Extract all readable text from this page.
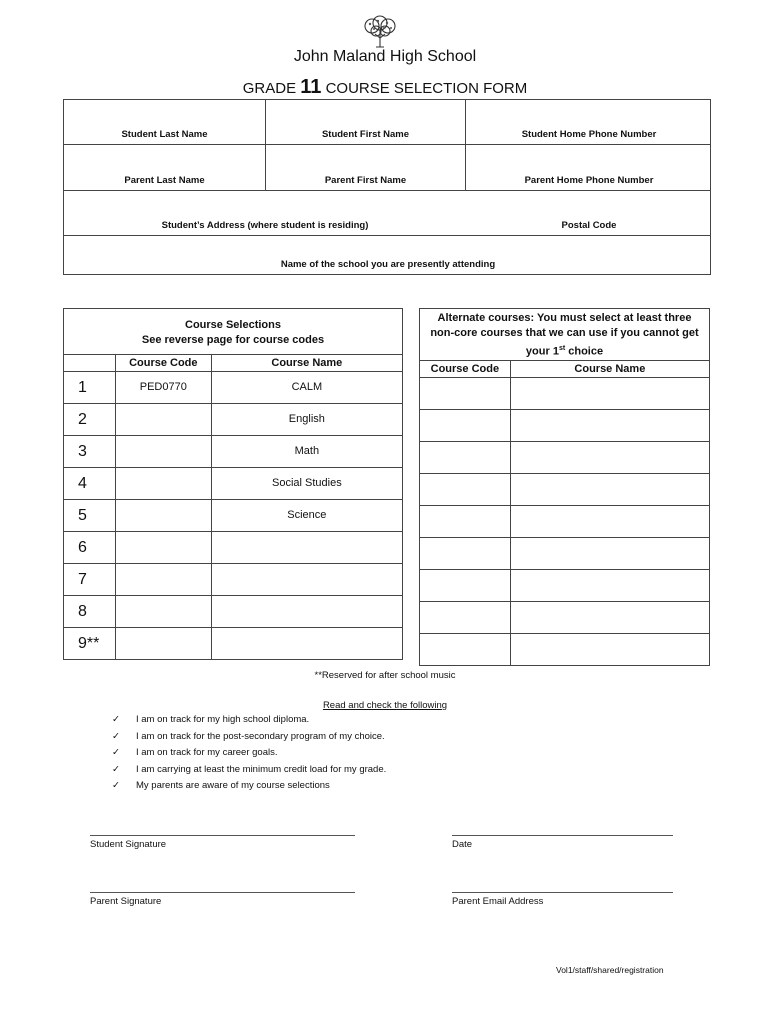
John Maland High School
GRADE 11 COURSE SELECTION FORM
Student Last Name	Student First Name	Student Home Phone Number
Parent Last Name	Parent First Name	Parent Home Phone Number
Student’s Address (where student is residing)	Postal Code
Name of the school you are presently attending
Course Selections
See reverse page for course codes		

	Course Code	Course Name
1	PED0770	CALM
2		English
3		Math
4		Social Studies
5		Science
6		
7		
8		
9**		
Alternate courses: You must select at least three
non-core courses that we can use if you cannot get
your 1st choice	

Course Code	Course Name

**Reserved for after school music
Read and check the following
✓ I am on track for my high school diploma.
✓ I am on track for the post-secondary program of my choice.
✓ I am on track for my career goals.
✓ I am carrying at least the minimum credit load for my grade.
✓ My parents are aware of my course selections
Student Signature	Date
Parent Signature	Parent Email Address
Vol1/staff/shared/registration
